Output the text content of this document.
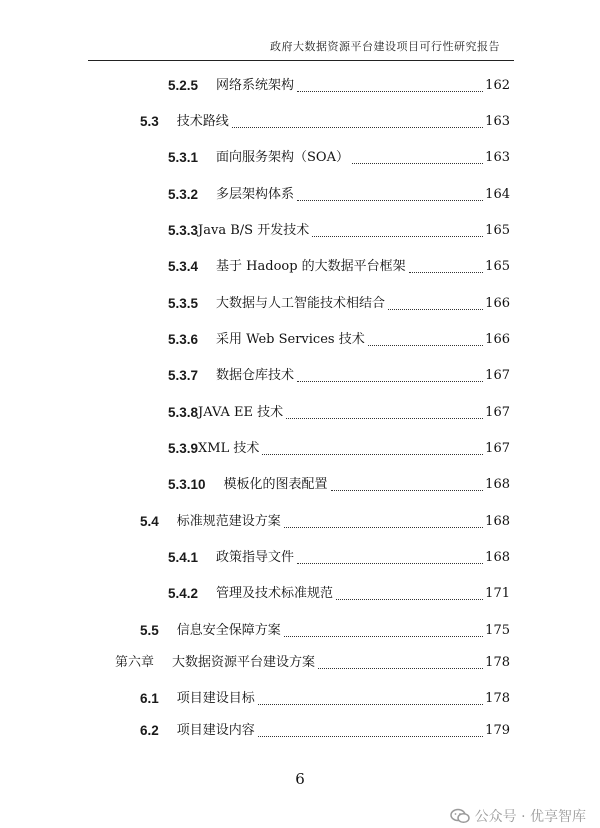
政府大数据资源平台建设项目可行性研究报告
5.2.5	网络系统架构	162
5.3	技术路线	163
5.3.1	面向服务架构（SOA）	163
5.3.2	多层架构体系	164
5.3.3 Java B/S 开发技术	165
5.3.4	基于 Hadoop 的大数据平台框架	165
5.3.5	大数据与人工智能技术相结合	166
5.3.6	采用 Web Services 技术	166
5.3.7	数据仓库技术	167
5.3.8 JAVA EE 技术	167
5.3.9 XML 技术	167
5.3.10	模板化的图表配置	168
5.4	标准规范建设方案	168
5.4.1	政策指导文件	168
5.4.2	管理及技术标准规范	171
5.5	信息安全保障方案	175
第六章	大数据资源平台建设方案	178
6.1	项目建设目标	178
6.2	项目建设内容	179
6
公众号 · 优享智库
